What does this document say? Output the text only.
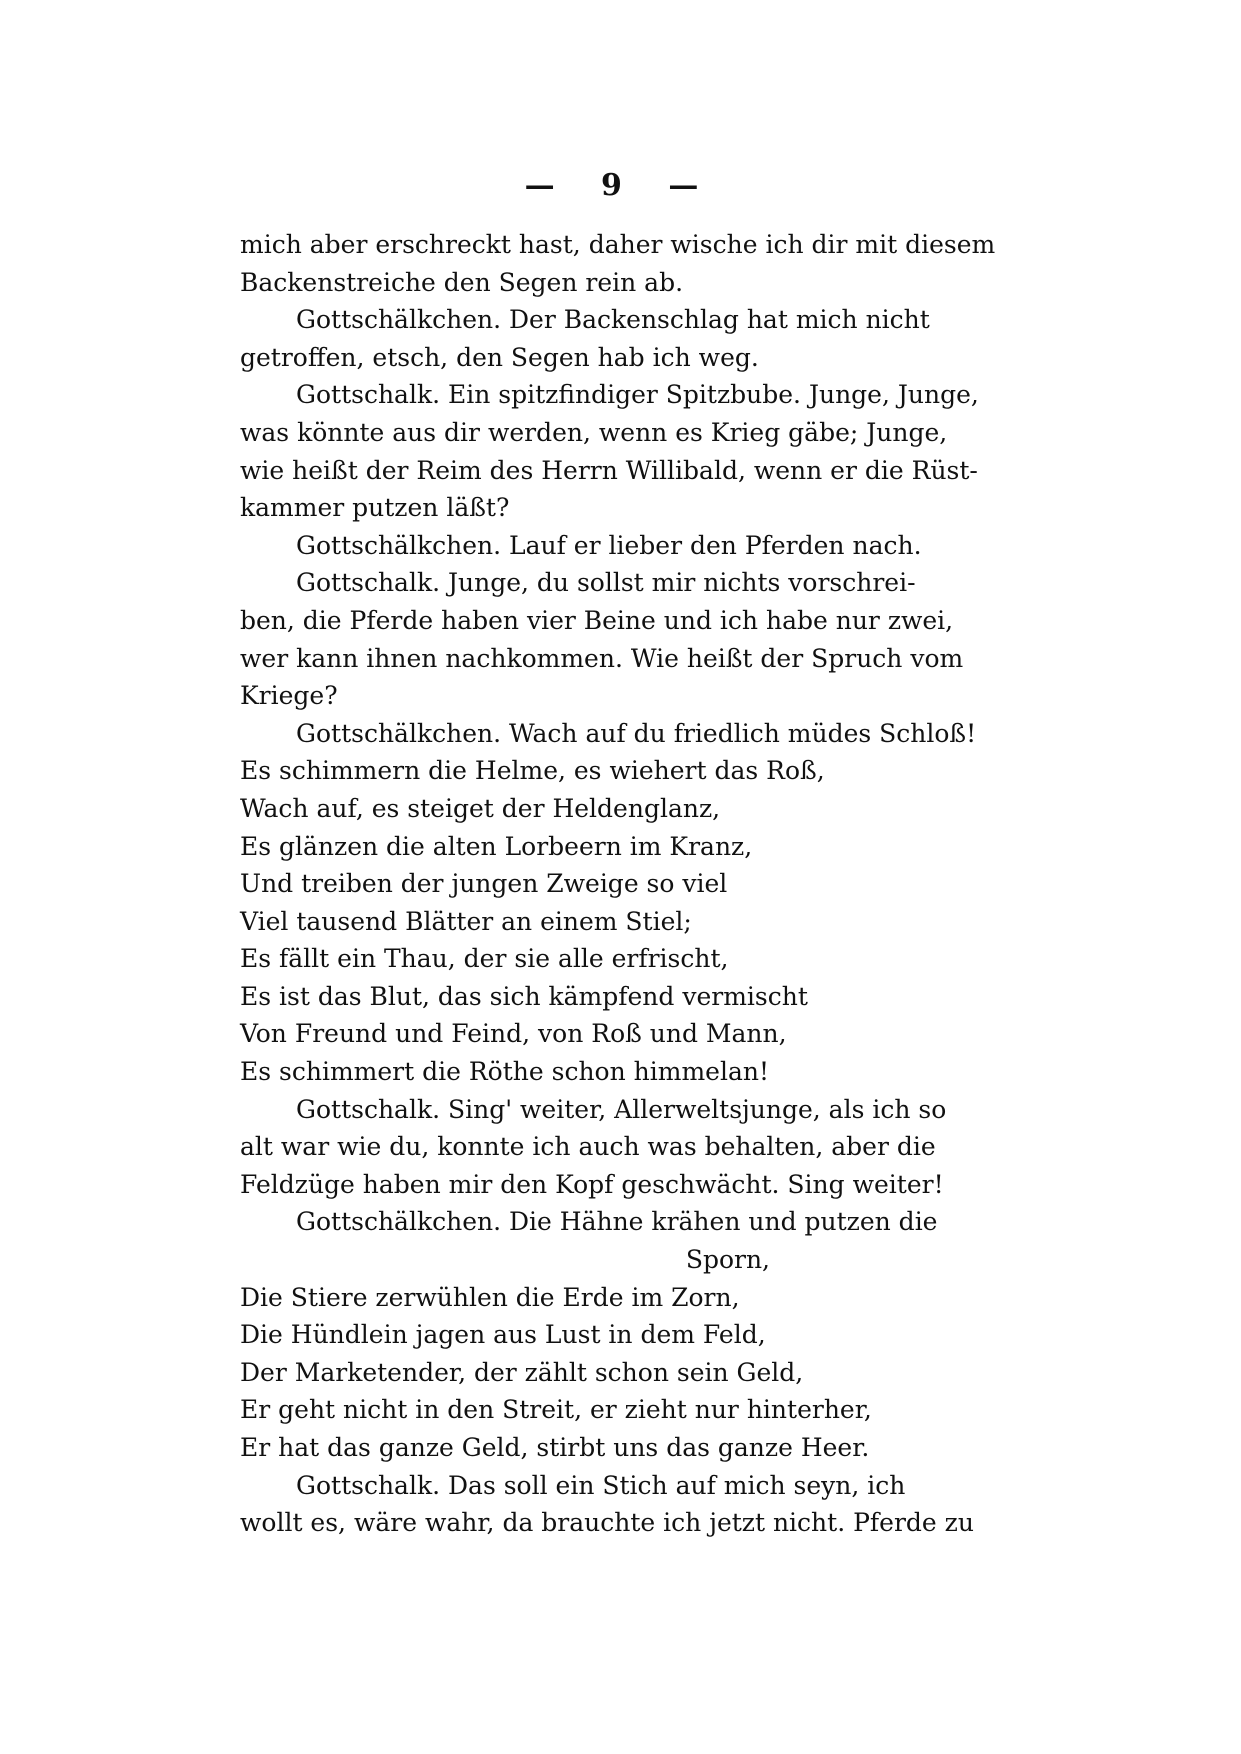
— 9 —
mich aber erschreckt hast, daher wische ich dir mit diesem
Backenstreiche den Segen rein ab.
Gottschälkchen. Der Backenschlag hat mich nicht
getroffen, etsch, den Segen hab ich weg.
Gottschalk. Ein spitzfindiger Spitzbube. Junge, Junge,
was könnte aus dir werden, wenn es Krieg gäbe; Junge,
wie heißt der Reim des Herrn Willibald, wenn er die Rüst-
kammer putzen läßt?
Gottschälkchen. Lauf er lieber den Pferden nach.
Gottschalk. Junge, du sollst mir nichts vorschrei-
ben, die Pferde haben vier Beine und ich habe nur zwei,
wer kann ihnen nachkommen. Wie heißt der Spruch vom
Kriege?
Gottschälkchen. Wach auf du friedlich müdes Schloß!
Es schimmern die Helme, es wiehert das Roß,
Wach auf, es steiget der Heldenglanz,
Es glänzen die alten Lorbeern im Kranz,
Und treiben der jungen Zweige so viel
Viel tausend Blätter an einem Stiel;
Es fällt ein Thau, der sie alle erfrischt,
Es ist das Blut, das sich kämpfend vermischt
Von Freund und Feind, von Roß und Mann,
Es schimmert die Röthe schon himmelan!
Gottschalk. Sing' weiter, Allerweltsjunge, als ich so
alt war wie du, konnte ich auch was behalten, aber die
Feldzüge haben mir den Kopf geschwächt. Sing weiter!
Gottschälkchen. Die Hähne krähen und putzen die
Sporn,
Die Stiere zerwühlen die Erde im Zorn,
Die Hündlein jagen aus Lust in dem Feld,
Der Marketender, der zählt schon sein Geld,
Er geht nicht in den Streit, er zieht nur hinterher,
Er hat das ganze Geld, stirbt uns das ganze Heer.
Gottschalk. Das soll ein Stich auf mich seyn, ich
wollt es, wäre wahr, da brauchte ich jetzt nicht. Pferde zu
